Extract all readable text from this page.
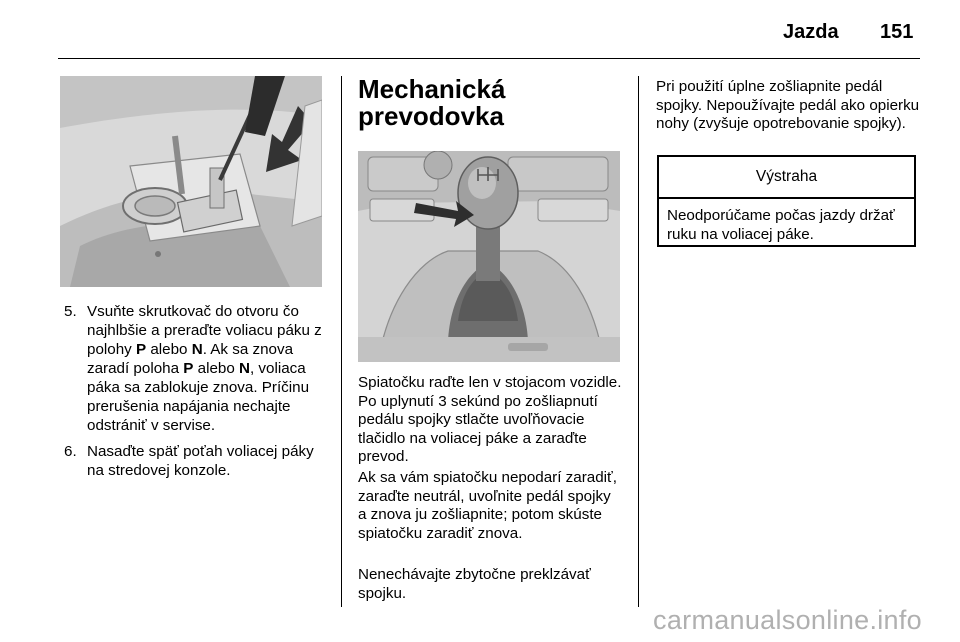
Jazda 151
5. Vsuňte skrutkovač do otvoru čo najhlbšie a preraďte voliacu páku z polohy P alebo N. Ak sa znova zaradí poloha P alebo N, voliaca páka sa zablokuje znova. Príčinu prerušenia napájania nechajte odstrániť v servise.
6. Nasaďte späť poťah voliacej páky na stredovej konzole.
Mechanická prevodovka

Spiatočku raďte len v stojacom vozidle. Po uplynutí 3 sekúnd po zošliapnutí pedálu spojky stlačte uvoľňovacie tlačidlo na voliacej páke a zaraďte prevod.

Ak sa vám spiatočku nepodarí zaradiť, zaraďte neutrál, uvoľnite pedál spojky a znova ju zošliapnite; potom skúste spiatočku zaradiť znova.

Nenechávajte zbytočne preklzávať spojku.

Pri použití úplne zošliapnite pedál spojky. Nepoužívajte pedál ako opierku nohy (zvyšuje opotrebovanie spojky).

Výstraha
Neodporúčame počas jazdy držať ruku na voliacej páke.
carmanualsonline.info
